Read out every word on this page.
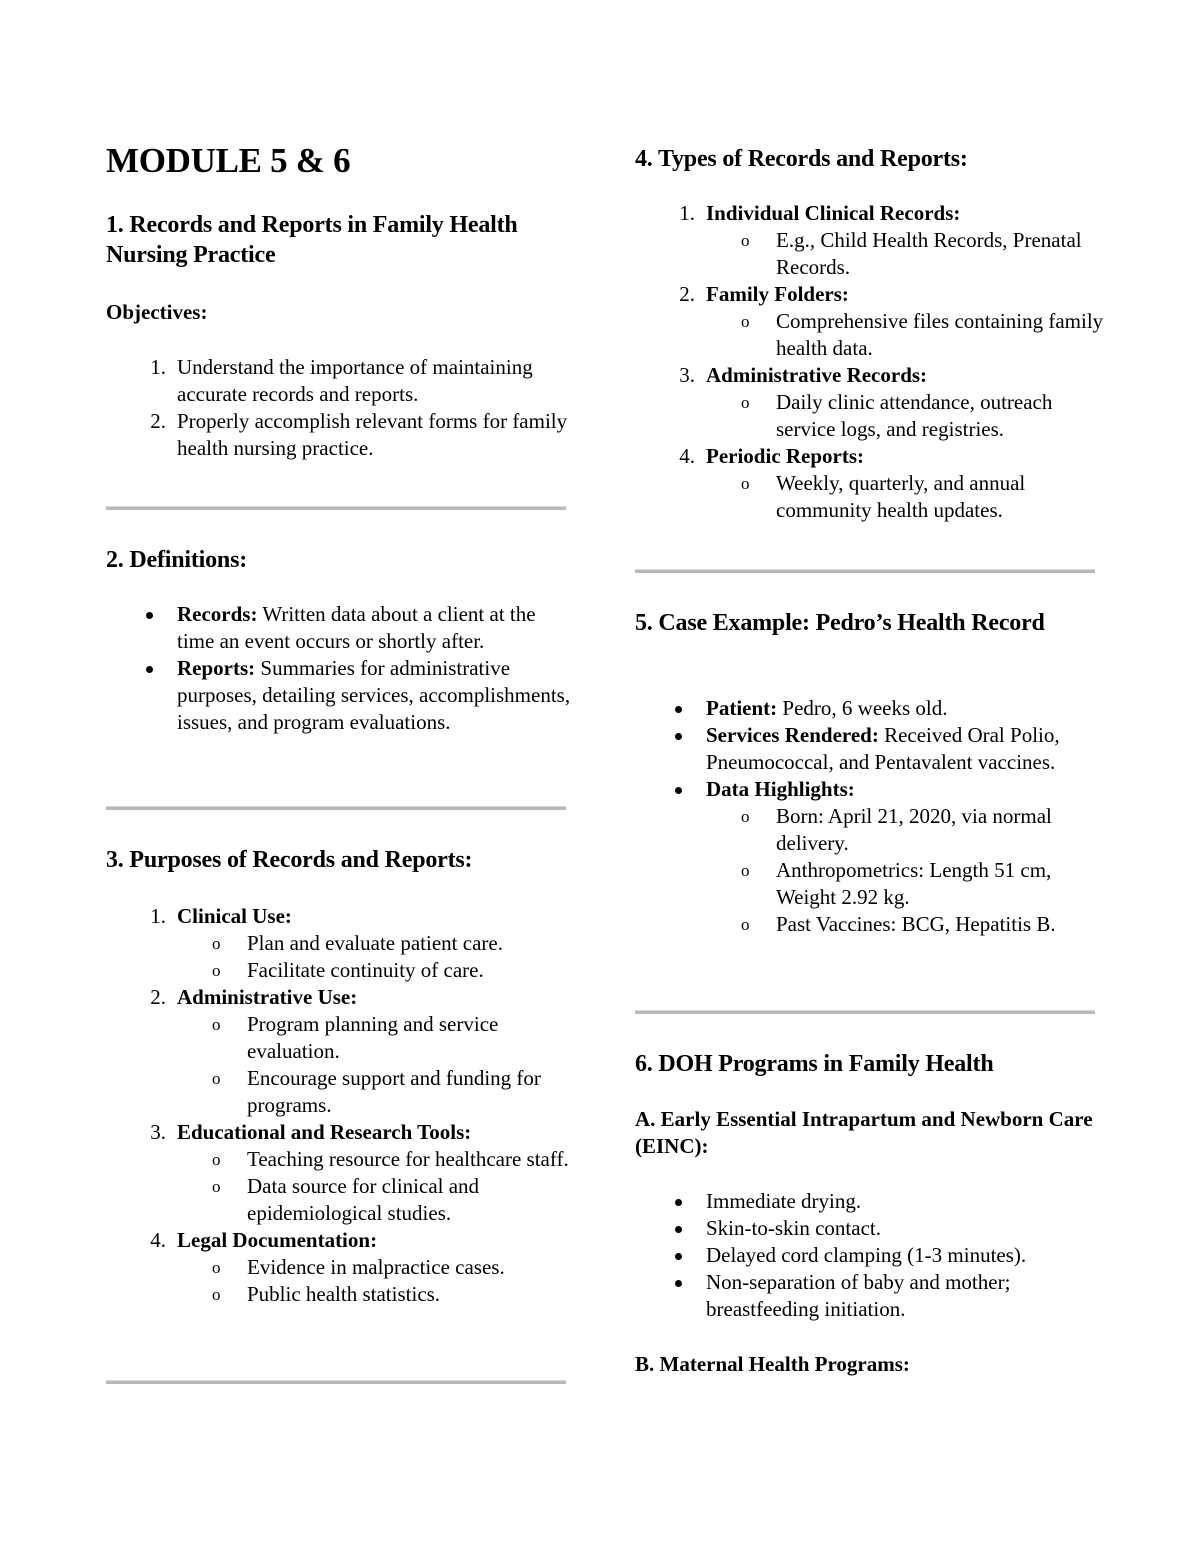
MODULE 5 & 6
1. Records and Reports in Family Health Nursing Practice
Objectives:
1. Understand the importance of maintaining accurate records and reports.
2. Properly accomplish relevant forms for family health nursing practice.
2. Definitions:
Records: Written data about a client at the time an event occurs or shortly after.
Reports: Summaries for administrative purposes, detailing services, accomplishments, issues, and program evaluations.
3. Purposes of Records and Reports:
1. Clinical Use:
o Plan and evaluate patient care.
o Facilitate continuity of care.
2. Administrative Use:
o Program planning and service evaluation.
o Encourage support and funding for programs.
3. Educational and Research Tools:
o Teaching resource for healthcare staff.
o Data source for clinical and epidemiological studies.
4. Legal Documentation:
o Evidence in malpractice cases.
o Public health statistics.
4. Types of Records and Reports:
1. Individual Clinical Records:
o E.g., Child Health Records, Prenatal Records.
2. Family Folders:
o Comprehensive files containing family health data.
3. Administrative Records:
o Daily clinic attendance, outreach service logs, and registries.
4. Periodic Reports:
o Weekly, quarterly, and annual community health updates.
5. Case Example: Pedro’s Health Record
Patient: Pedro, 6 weeks old.
Services Rendered: Received Oral Polio, Pneumococcal, and Pentavalent vaccines.
Data Highlights:
o Born: April 21, 2020, via normal delivery.
o Anthropometrics: Length 51 cm, Weight 2.92 kg.
o Past Vaccines: BCG, Hepatitis B.
6. DOH Programs in Family Health
A. Early Essential Intrapartum and Newborn Care (EINC):
Immediate drying.
Skin-to-skin contact.
Delayed cord clamping (1-3 minutes).
Non-separation of baby and mother; breastfeeding initiation.
B. Maternal Health Programs:
